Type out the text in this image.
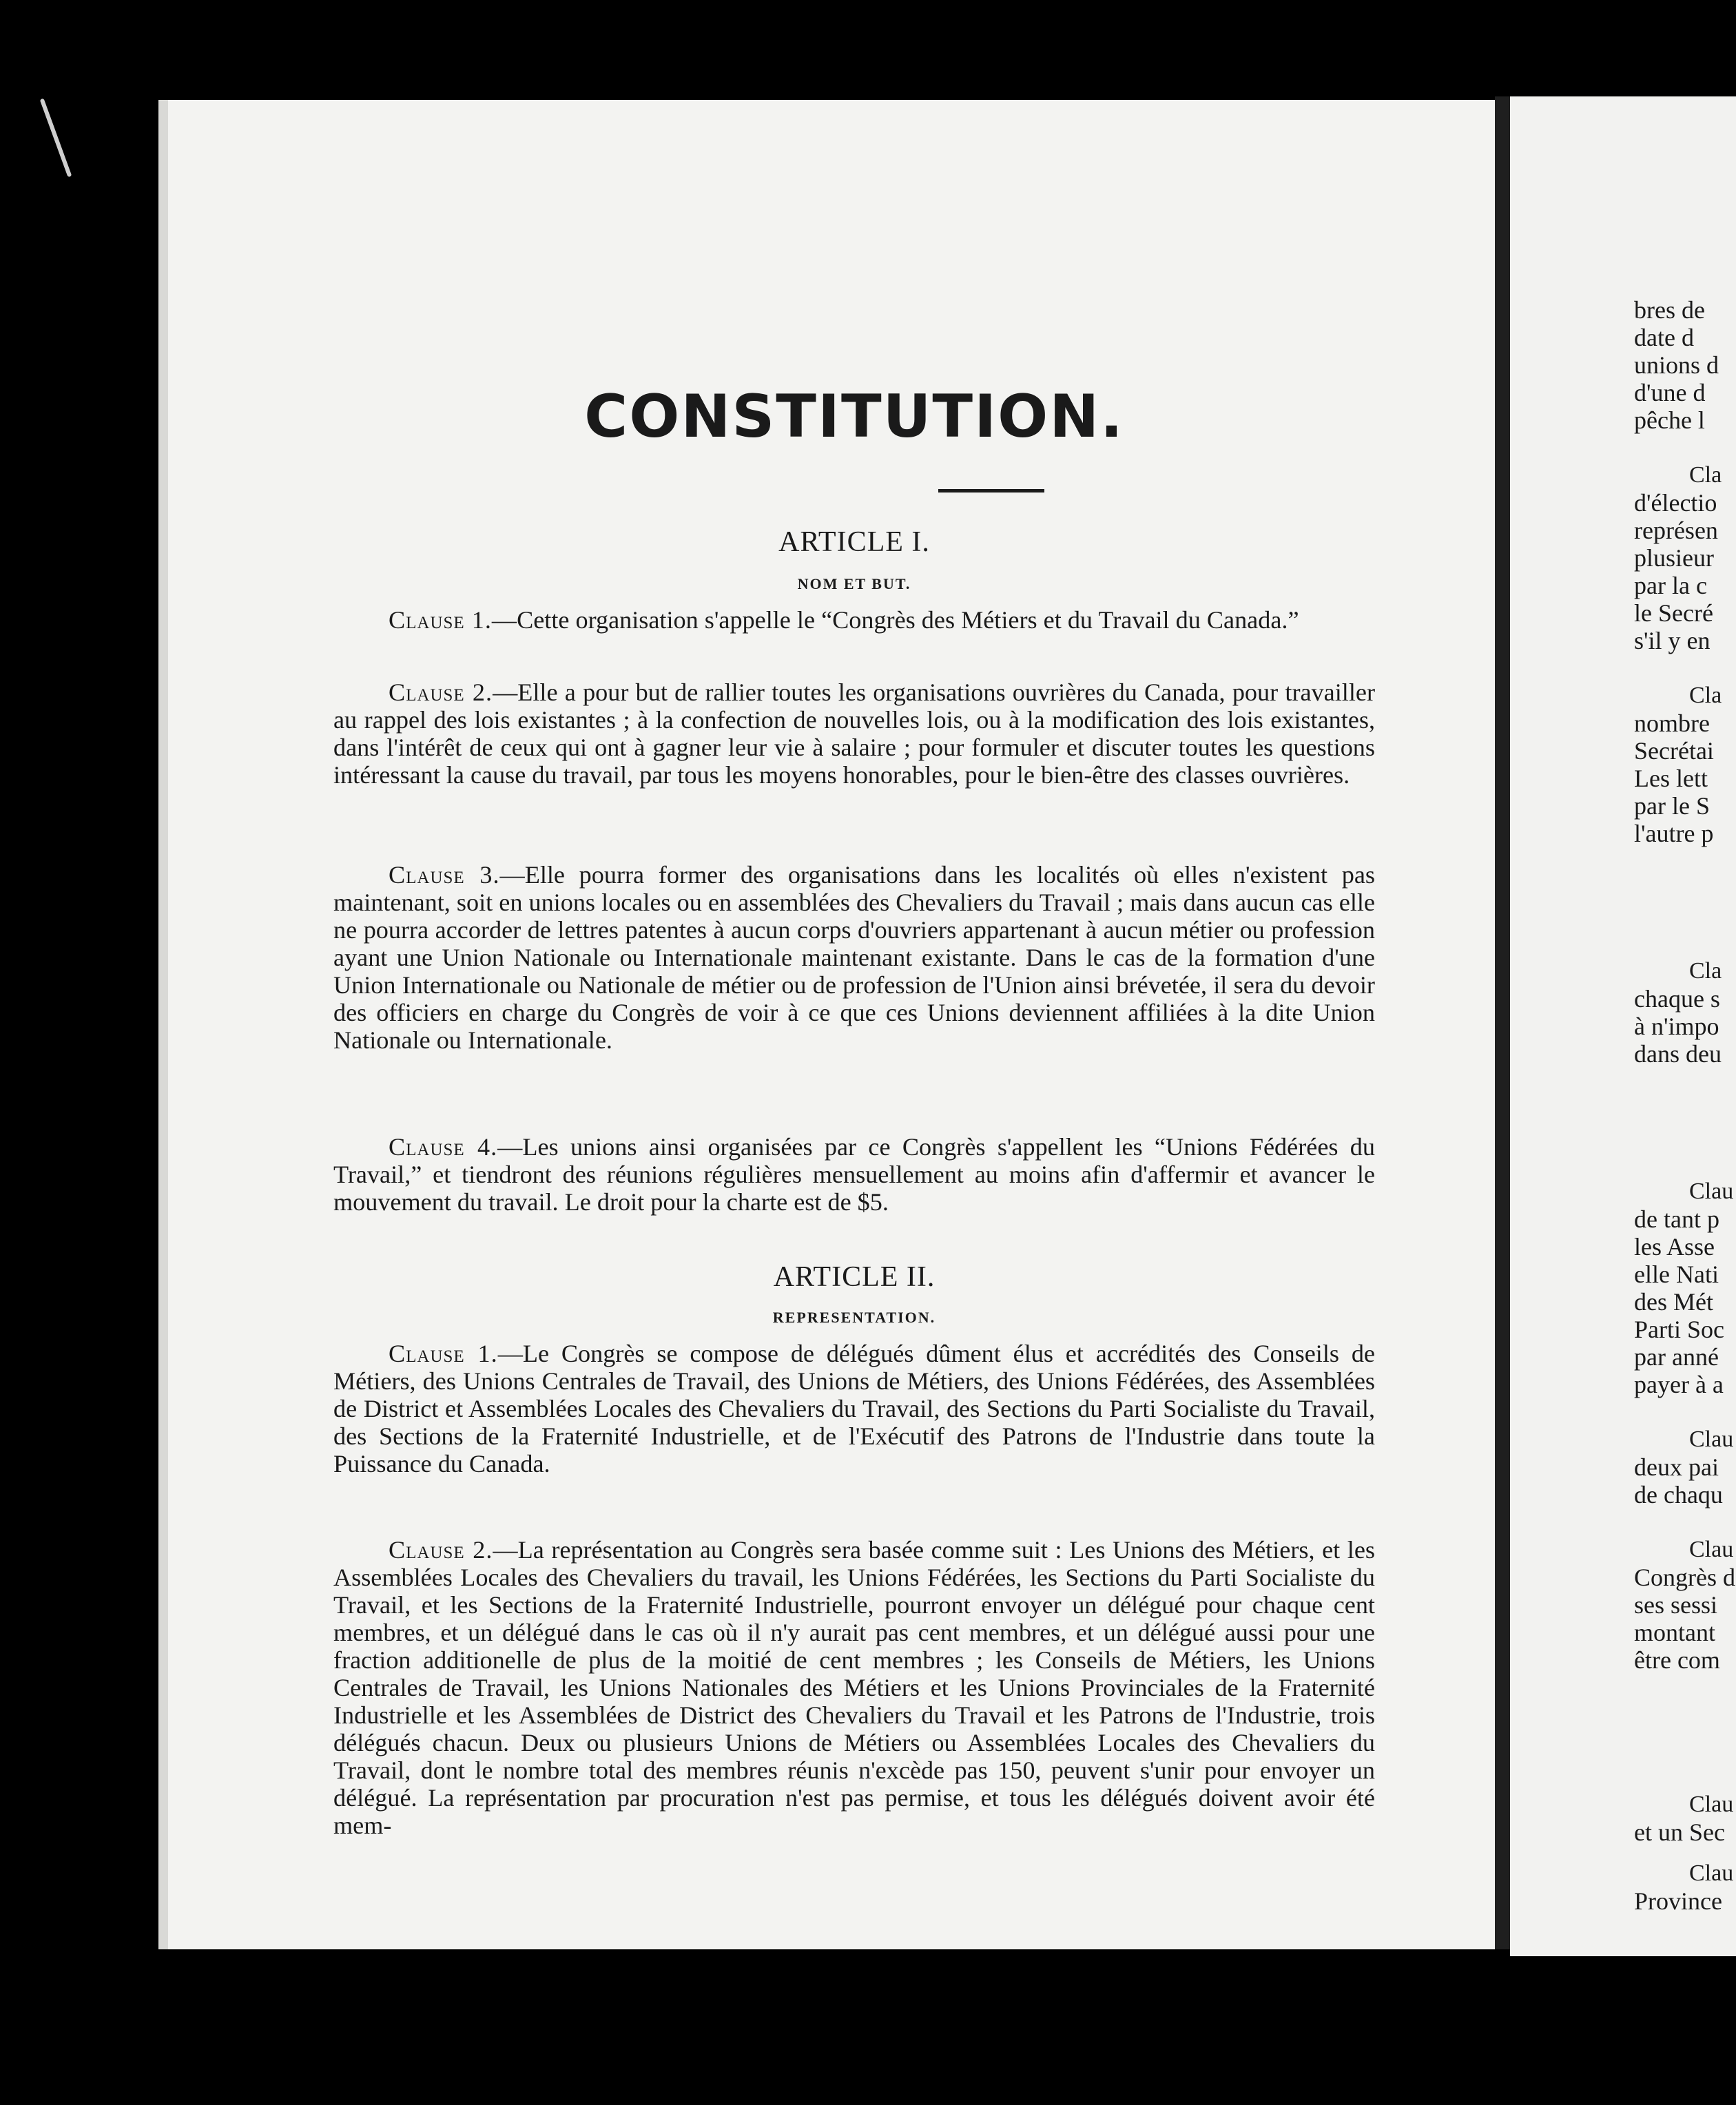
CONSTITUTION.
ARTICLE I.
NOM ET BUT.
Clause 1.—Cette organisation s'appelle le “Congrès des Métiers et du Travail du Canada.”
Clause 2.—Elle a pour but de rallier toutes les organisations ouvrières du Canada, pour travailler au rappel des lois existantes ; à la confection de nouvelles lois, ou à la modification des lois existantes, dans l'intérêt de ceux qui ont à gagner leur vie à salaire ; pour formuler et discuter toutes les questions intéressant la cause du travail, par tous les moyens honorables, pour le bien-être des classes ouvrières.
Clause 3.—Elle pourra former des organisations dans les localités où elles n'existent pas maintenant, soit en unions locales ou en assemblées des Chevaliers du Travail ; mais dans aucun cas elle ne pourra accorder de lettres patentes à aucun corps d'ouvriers appartenant à aucun métier ou profession ayant une Union Nationale ou Internationale maintenant existante. Dans le cas de la formation d'une Union Internationale ou Nationale de métier ou de profession de l'Union ainsi brévetée, il sera du devoir des officiers en charge du Congrès de voir à ce que ces Unions deviennent affiliées à la dite Union Nationale ou Internationale.
Clause 4.—Les unions ainsi organisées par ce Congrès s'appellent les “Unions Fédérées du Travail,” et tiendront des réunions régulières mensuellement au moins afin d'affermir et avancer le mouvement du travail. Le droit pour la charte est de $5.
ARTICLE II.
REPRESENTATION.
Clause 1.—Le Congrès se compose de délégués dûment élus et accrédités des Conseils de Métiers, des Unions Centrales de Travail, des Unions de Métiers, des Unions Fédérées, des Assemblées de District et Assemblées Locales des Chevaliers du Travail, des Sections du Parti Socialiste du Travail, des Sections de la Fraternité Industrielle, et de l'Exécutif des Patrons de l'Industrie dans toute la Puissance du Canada.
Clause 2.—La représentation au Congrès sera basée comme suit : Les Unions des Métiers, et les Assemblées Locales des Chevaliers du travail, les Unions Fédérées, les Sections du Parti Socialiste du Travail, et les Sections de la Fraternité Industrielle, pourront envoyer un délégué pour chaque cent membres, et un délégué dans le cas où il n'y aurait pas cent membres, et un délégué aussi pour une fraction additionelle de plus de la moitié de cent membres ; les Conseils de Métiers, les Unions Centrales de Travail, les Unions Nationales des Métiers et les Unions Provinciales de la Fraternité Industrielle et les Assemblées de District des Chevaliers du Travail et les Patrons de l'Industrie, trois délégués chacun. Deux ou plusieurs Unions de Métiers ou Assemblées Locales des Chevaliers du Travail, dont le nombre total des membres réunis n'excède pas 150, peuvent s'unir pour envoyer un délégué. La représentation par procuration n'est pas permise, et tous les délégués doivent avoir été mem-
bres de
date d
unions d
d'une d
pêche l
Cla
d'électio
représen
plusieur
par la c
le Secré
s'il y en
Cla
nombre
Secrétai
Les lett
par le S
l'autre p
Cla
chaque s
à n'impo
dans deu
Clau
de tant p
les Asse
elle Nati
des Mét
Parti Soc
par anné
payer à a
Clau
deux pai
de chaqu
Clau
Congrès d
ses sessi
montant
être com
Clau
et un Sec
Clau
Province
